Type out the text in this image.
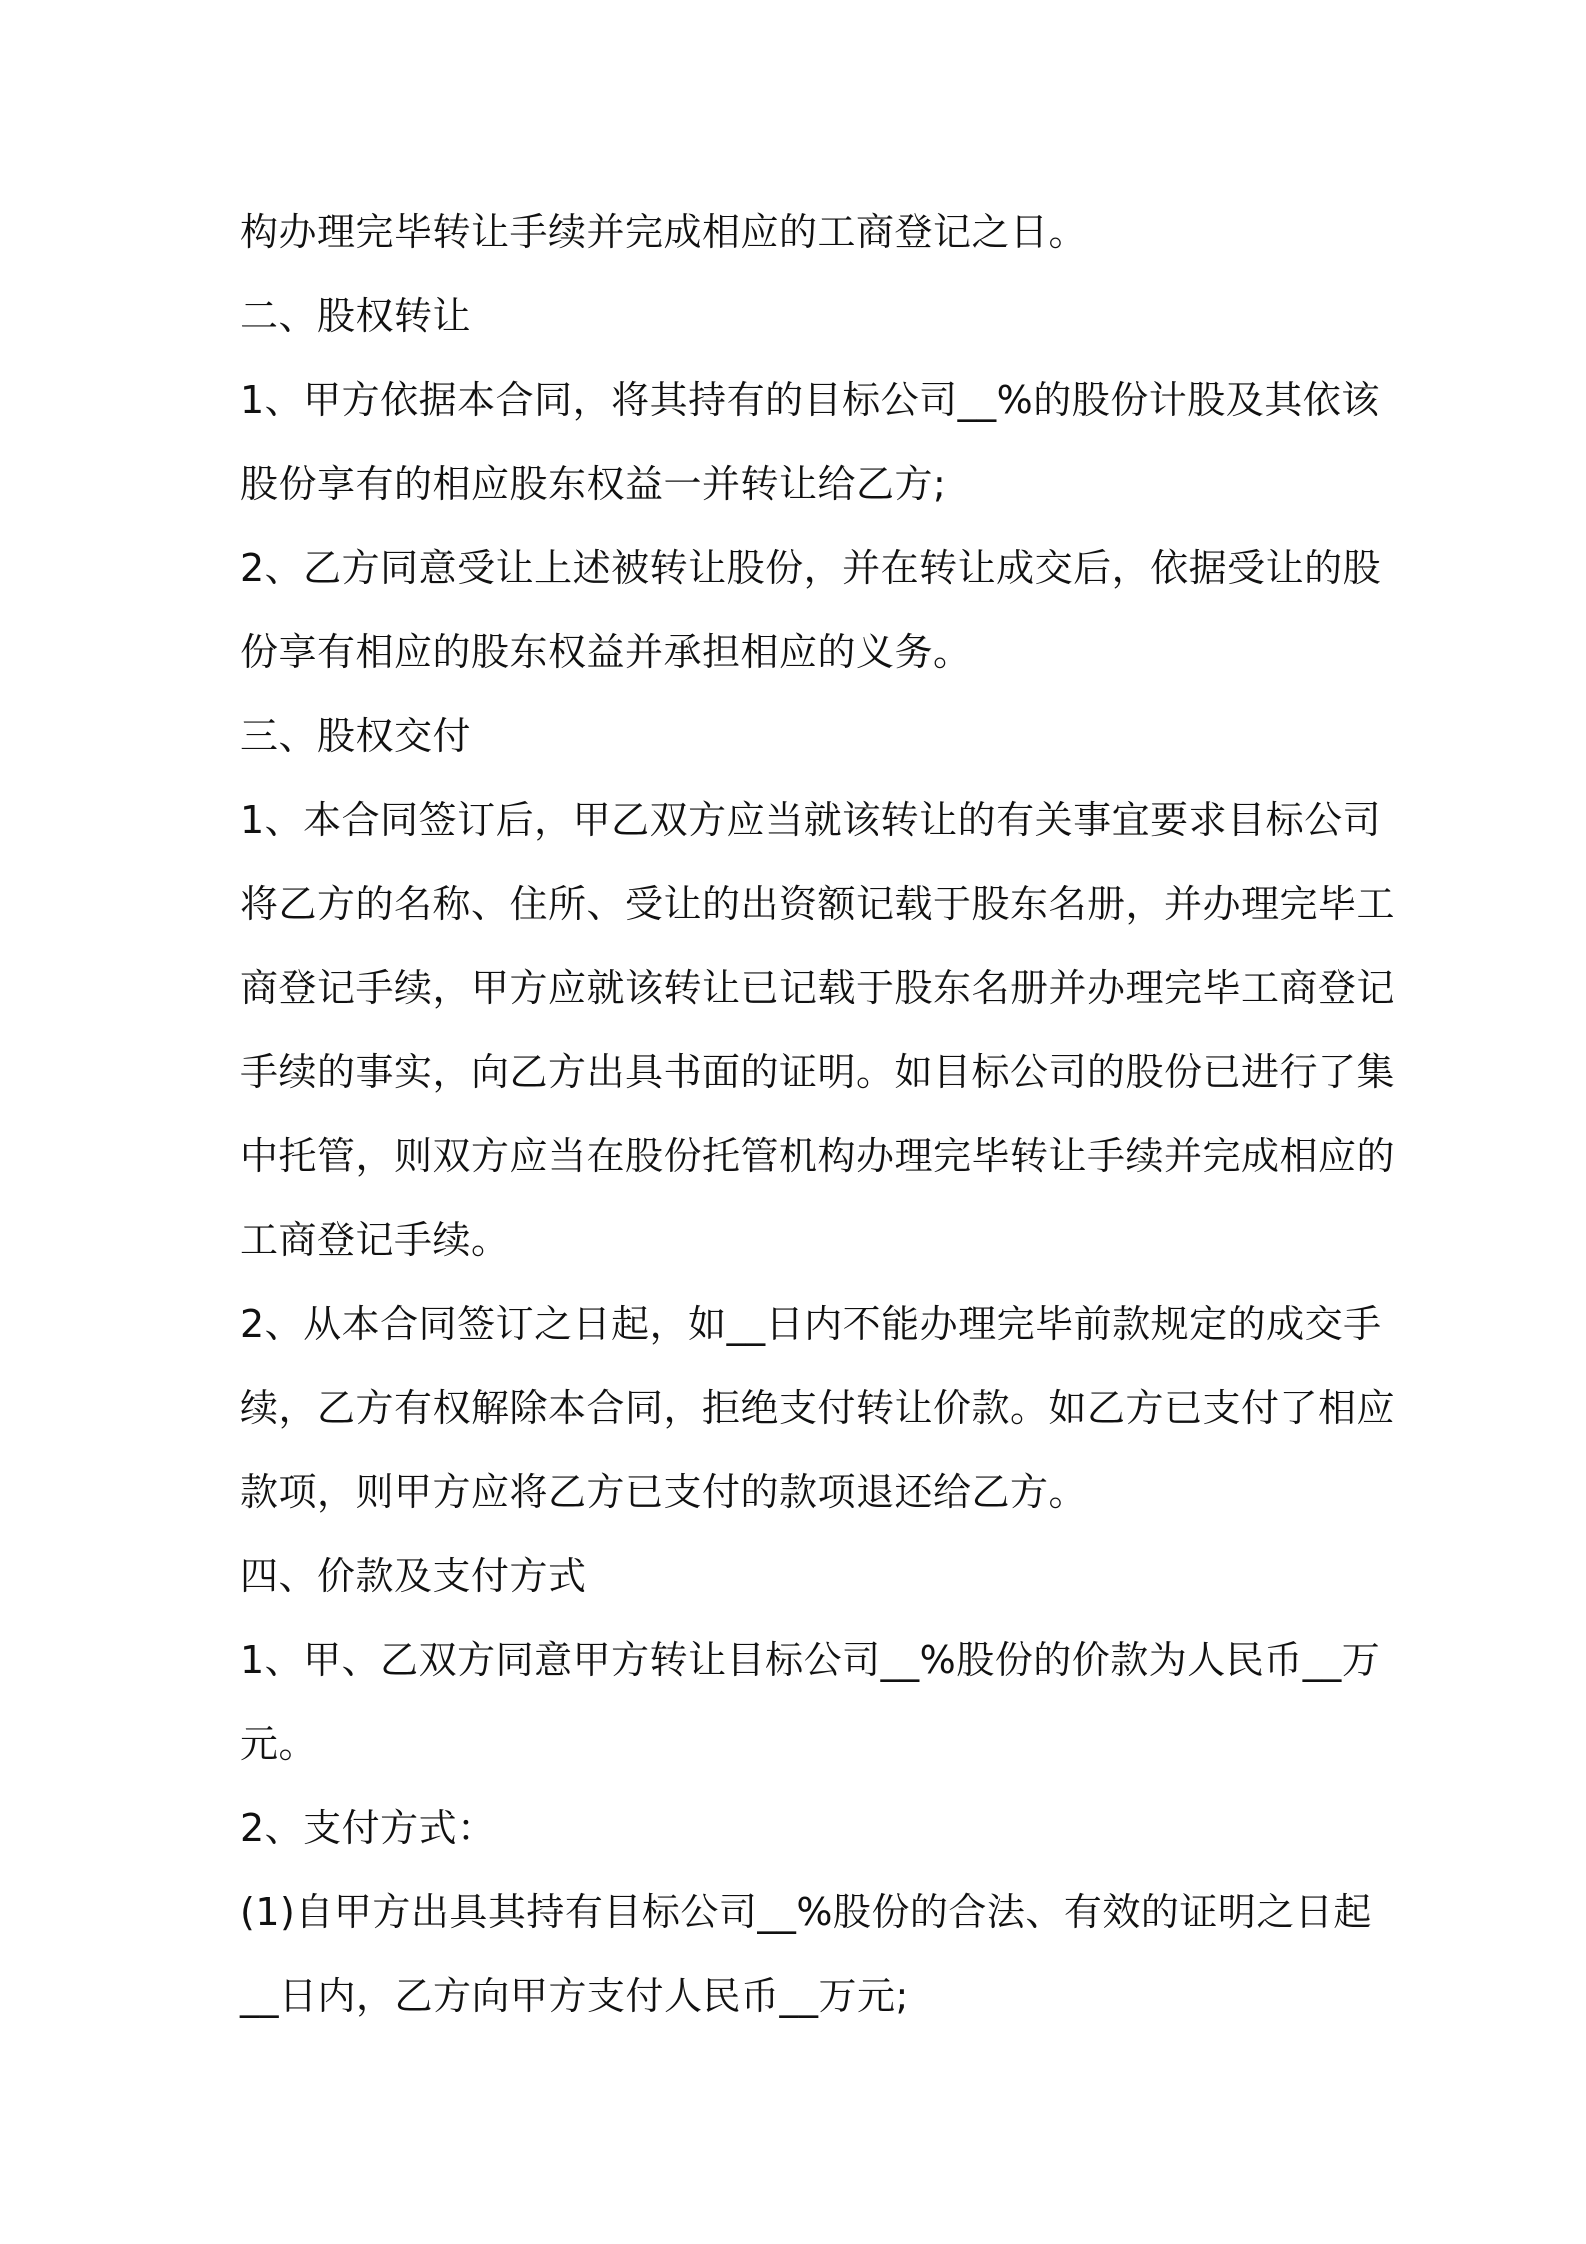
构办理完毕转让手续并完成相应的工商登记之日。
二、股权转让
1、甲方依据本合同，将其持有的目标公司__%的股份计股及其依该
股份享有的相应股东权益一并转让给乙方;
2、乙方同意受让上述被转让股份，并在转让成交后，依据受让的股
份享有相应的股东权益并承担相应的义务。
三、股权交付
1、本合同签订后，甲乙双方应当就该转让的有关事宜要求目标公司
将乙方的名称、住所、受让的出资额记载于股东名册，并办理完毕工
商登记手续，甲方应就该转让已记载于股东名册并办理完毕工商登记
手续的事实，向乙方出具书面的证明。如目标公司的股份已进行了集
中托管，则双方应当在股份托管机构办理完毕转让手续并完成相应的
工商登记手续。
2、从本合同签订之日起，如__日内不能办理完毕前款规定的成交手
续，乙方有权解除本合同，拒绝支付转让价款。如乙方已支付了相应
款项，则甲方应将乙方已支付的款项退还给乙方。
四、价款及支付方式
1、甲、乙双方同意甲方转让目标公司__%股份的价款为人民币__万
元。
2、支付方式：
(1)自甲方出具其持有目标公司__%股份的合法、有效的证明之日起
__日内，乙方向甲方支付人民币__万元;
